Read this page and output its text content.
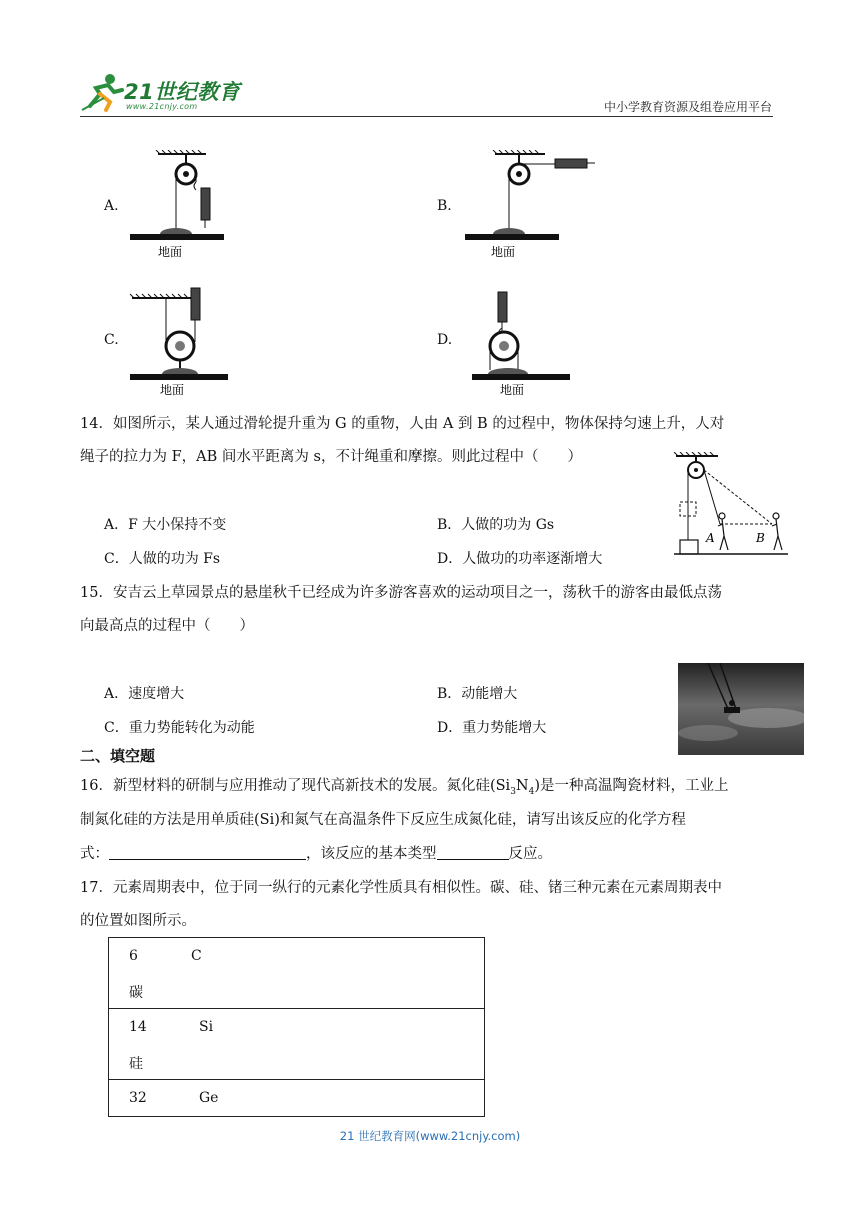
21世纪教育
www.21cnjy.com	中小学教育资源及组卷应用平台
A.
地面
B.
地面
C.
地面
D.
地面
14．如图所示，某人通过滑轮提升重为 G 的重物，人由 A 到 B 的过程中，物体保持匀速上升，人对
绳子的拉力为 F，AB 间水平距离为 s，不计绳重和摩擦。则此过程中（　　）
A	B
A．F 大小保持不变	B．人做的功为 Gs
C．人做的功为 Fs	D．人做功的功率逐渐增大
15．安吉云上草园景点的悬崖秋千已经成为许多游客喜欢的运动项目之一，荡秋千的游客由最低点荡
向最高点的过程中（　　）
A．速度增大	B．动能增大
C．重力势能转化为动能	D．重力势能增大
二、填空题
16．新型材料的研制与应用推动了现代高新技术的发展。氮化硅$(Si_3N_4)$是一种高温陶瓷材料，工业上
制氮化硅的方法是用单质硅(Si)和氮气在高温条件下反应生成氮化硅，请写出该反应的化学方程
式：	，该反应的基本类型	反应。
17．元素周期表中，位于同一纵行的元素化学性质具有相似性。碳、硅、锗三种元素在元素周期表中
的位置如图所示。
6	C
碳

14	Si
硅

32	Ge
21 世纪教育网(www.21cnjy.com)
